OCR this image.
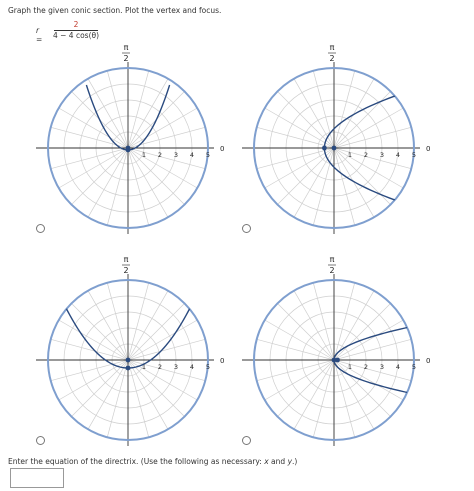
Graph the given conic section. Plot the vertex and focus.
r =
2
4 − 4 cos(θ)
1 2 3 4 5
0
π
2
1 2 3 4 5
0
π
2
1 2 3 4 5
0
π
2
1 2 3 4 5
0
π
2
Enter the equation of the directrix. (Use the following as necessary: x and y.)
